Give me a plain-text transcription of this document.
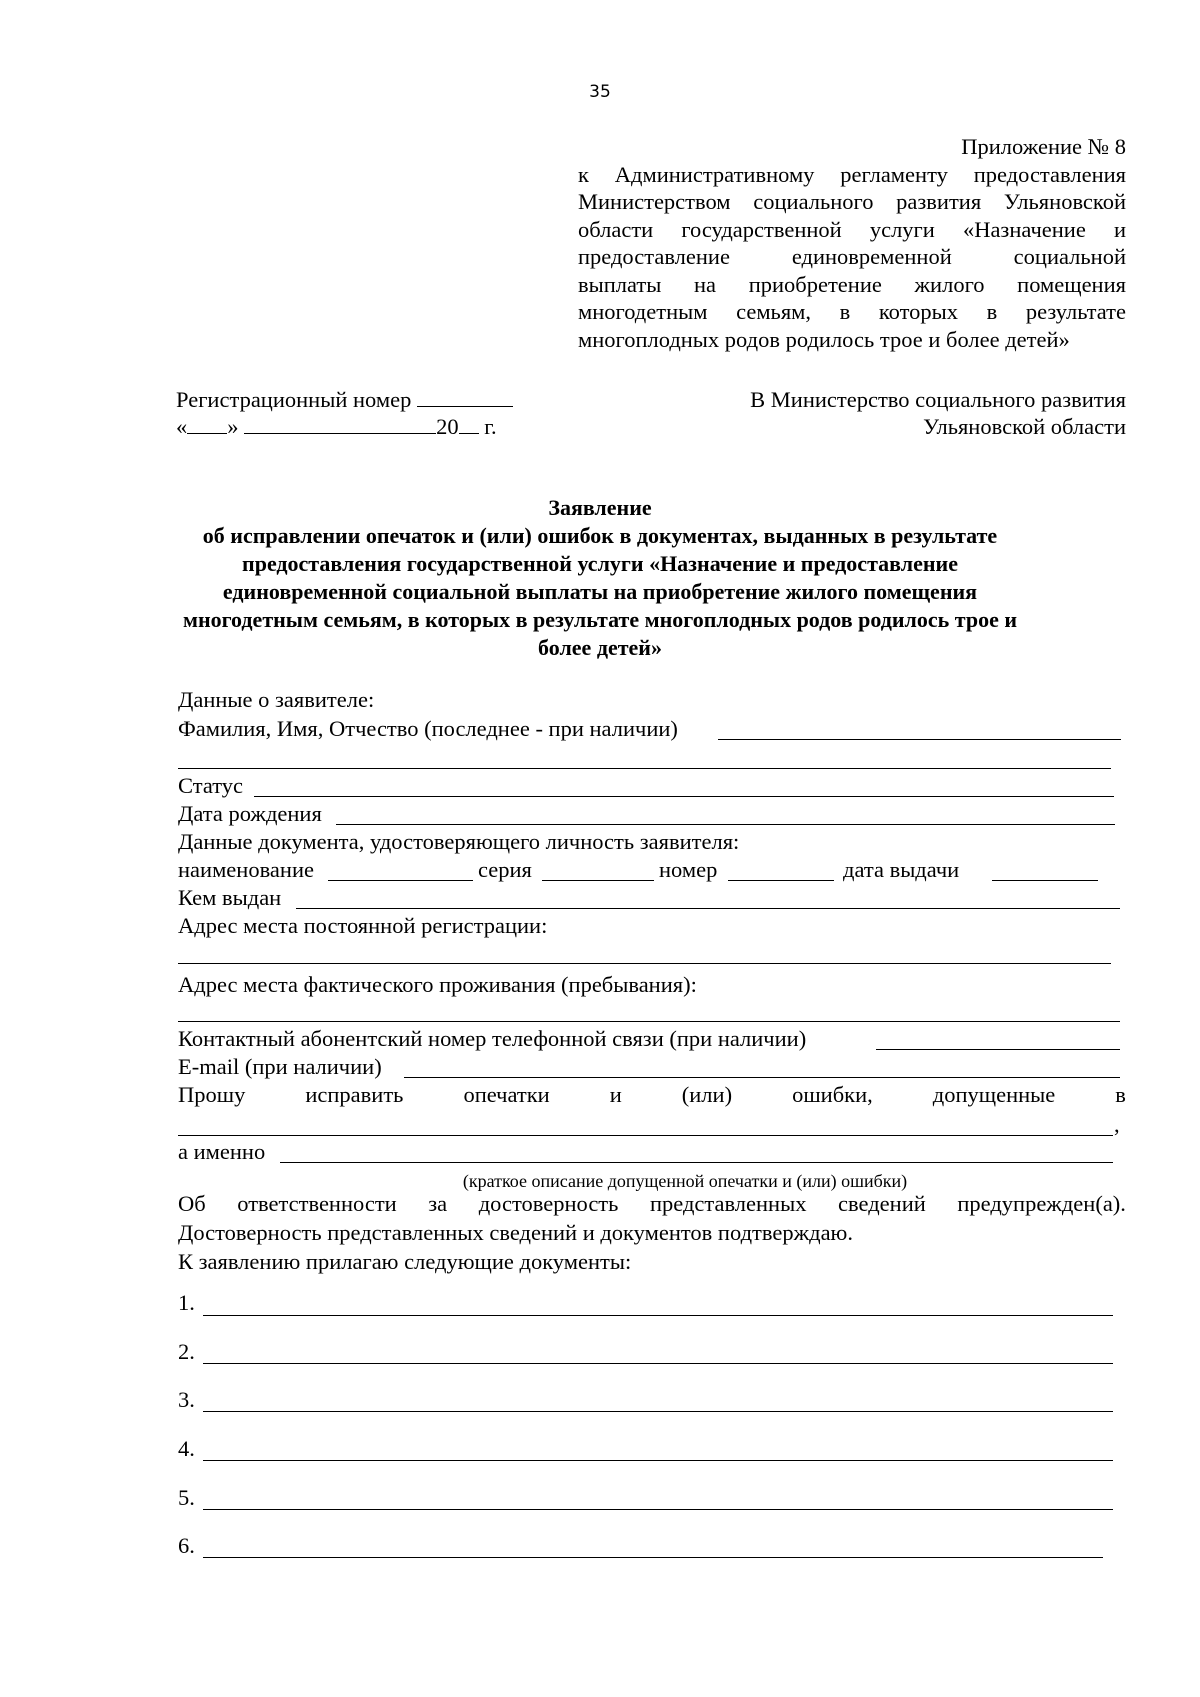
35
Приложение № 8
к Административному регламенту предоставления
Министерством социального развития Ульяновской
области государственной услуги «Назначение и
предоставление единовременной социальной
выплаты на приобретение жилого помещения
многодетным семьям, в которых в результате
многоплодных родов родилось трое и более детей»
Регистрационный номер
« »	20 г.
В Министерство социального развития
Ульяновской области
Заявление
об исправлении опечаток и (или) ошибок в документах, выданных в результате
предоставления государственной услуги «Назначение и предоставление
единовременной социальной выплаты на приобретение жилого помещения
многодетным семьям, в которых в результате многоплодных родов родилось трое и
более детей»
Данные о заявителе:
Фамилия, Имя, Отчество (последнее - при наличии)
Статус
Дата рождения
Данные документа, удостоверяющего личность заявителя:
наименование	серия	номер	дата выдачи
Кем выдан
Адрес места постоянной регистрации:
Адрес места фактического проживания (пребывания):
Контактный абонентский номер телефонной связи (при наличии)
E-mail (при наличии)
Прошу	исправить	опечатки	и	(или)	ошибки,	допущенные	в
,
а именно
(краткое описание допущенной опечатки и (или) ошибки)
Об ответственности за достоверность представленных сведений предупрежден(а).
Достоверность представленных сведений и документов подтверждаю.
К заявлению прилагаю следующие документы:
1.
2.
3.
4.
5.
6.
